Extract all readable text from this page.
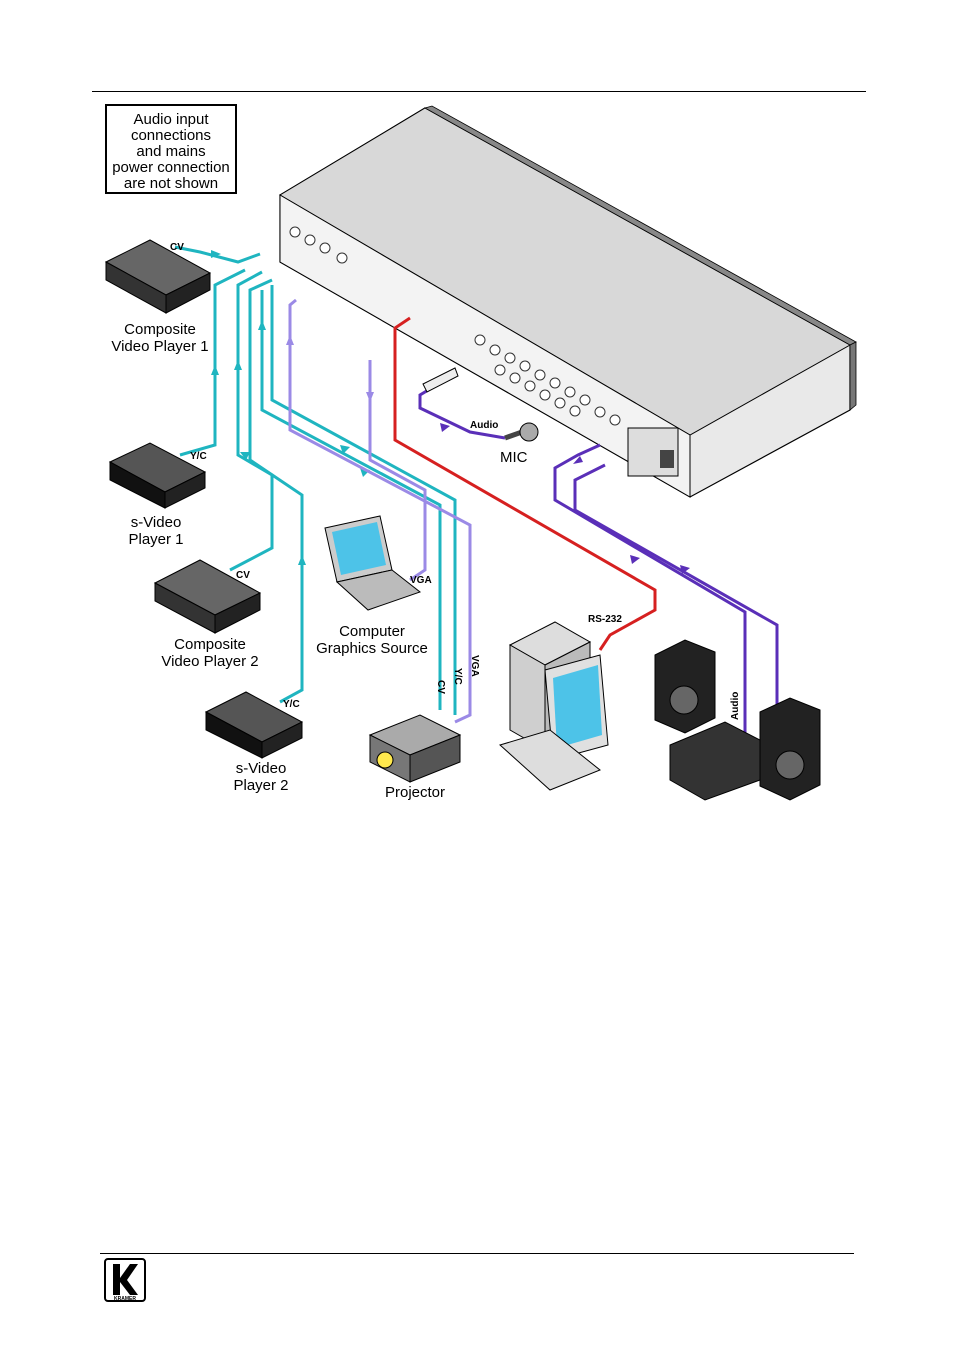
Audio input
connections
and mains
power connection
are not shown
CV
Composite
Video Player 1
Y/C
s-Video
Player 1
CV
Composite
Video Player 2
Y/C
s-Video
Player 2
VGA
Computer
Graphics Source
CV
Y/C VGA
Projector
Audio
MIC
RS-232
Audio
KRAMER
